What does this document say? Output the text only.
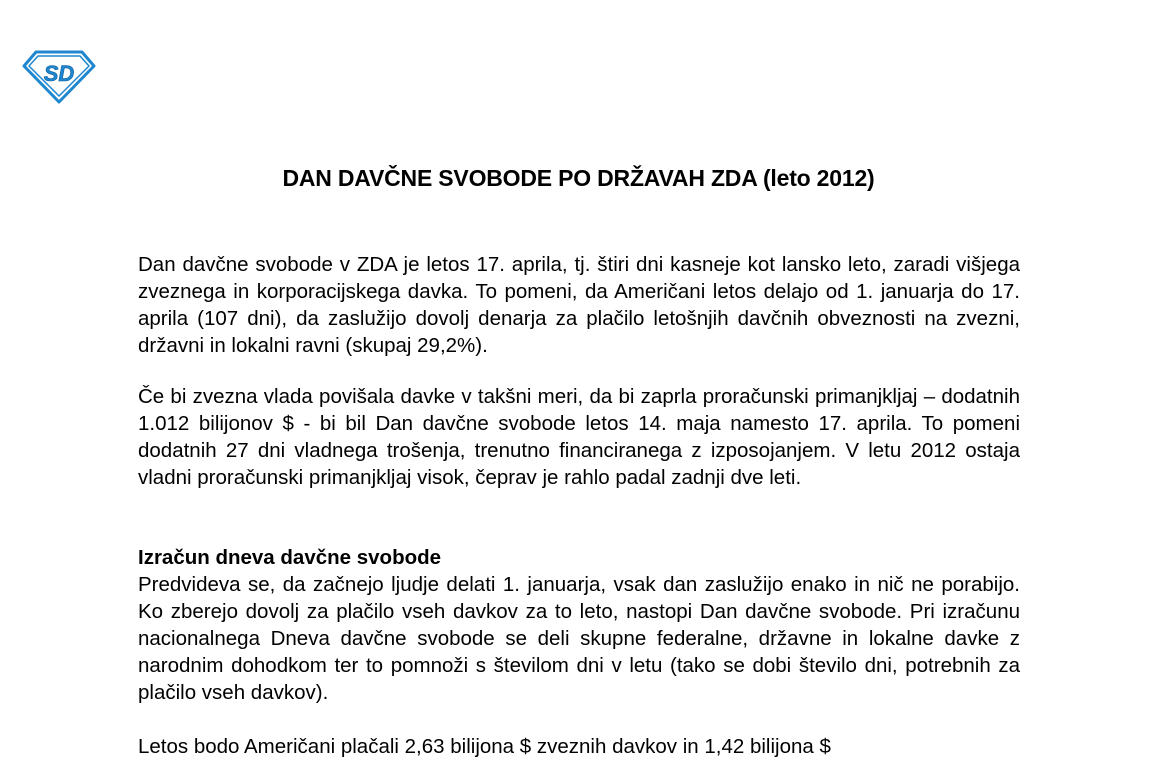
SD
DAN DAVČNE SVOBODE PO DRŽAVAH ZDA (leto 2012)

Dan davčne svobode v ZDA je letos 17. aprila, tj. štiri dni kasneje kot lansko leto, zaradi višjega zveznega in korporacijskega davka. To pomeni, da Američani letos delajo od 1. januarja do 17. aprila (107 dni), da zaslužijo dovolj denarja za plačilo letošnjih davčnih obveznosti na zvezni, državni in lokalni ravni (skupaj 29,2%).

Če bi zvezna vlada povišala davke v takšni meri, da bi zaprla proračunski primanjkljaj – dodatnih 1.012 bilijonov $ - bi bil Dan davčne svobode letos 14. maja namesto 17. aprila. To pomeni dodatnih 27 dni vladnega trošenja, trenutno financiranega z izposojanjem. V letu 2012 ostaja vladni proračunski primanjkljaj visok, čeprav je rahlo padal zadnji dve leti.

Izračun dneva davčne svobode

Predvideva se, da začnejo ljudje delati 1. januarja, vsak dan zaslužijo enako in nič ne porabijo. Ko zberejo dovolj za plačilo vseh davkov za to leto, nastopi Dan davčne svobode. Pri izračunu nacionalnega Dneva davčne svobode se deli skupne federalne, državne in lokalne davke z narodnim dohodkom ter to pomnoži s številom dni v letu (tako se dobi število dni, potrebnih za plačilo vseh davkov).

Letos bodo Američani plačali 2,63 bilijona $ zveznih davkov in 1,42 bilijona $
